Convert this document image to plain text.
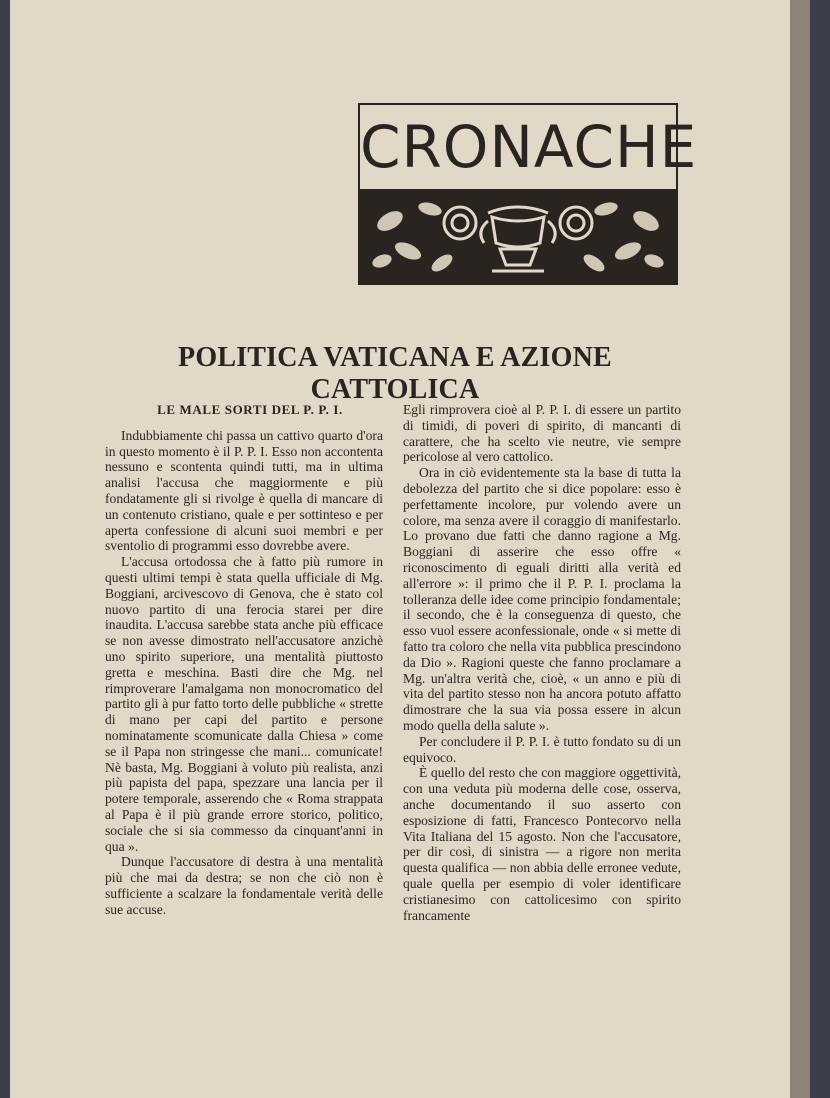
CRONACHE
POLITICA VATICANA E AZIONE CATTOLICA
LE MALE SORTI DEL P. P. I.

Indubbiamente chi passa un cattivo quarto d'ora in questo momento è il P. P. I. Esso non accontenta nessuno e scontenta quindi tutti, ma in ultima analisi l'accusa che maggiormente e più fondatamente gli si rivolge è quella di mancare di un contenuto cristiano, quale e per sottinteso e per aperta confessione di alcuni suoi membri e per sventolio di programmi esso dovrebbe avere.

L'accusa ortodossa che à fatto più rumore in questi ultimi tempi è stata quella ufficiale di Mg. Boggiani, arcivescovo di Genova, che è stato col nuovo partito di una ferocia starei per dire inaudita. L'accusa sarebbe stata anche più efficace se non avesse dimostrato nell'accusatore anzichè uno spirito superiore, una mentalità piuttosto gretta e meschina. Basti dire che Mg. nel rimproverare l'amalgama non monocromatico del partito gli à pur fatto torto delle pubbliche « strette di mano per capi del partito e persone nominatamente scomunicate dalla Chiesa » come se il Papa non stringesse che mani... comunicate! Nè basta, Mg. Boggiani à voluto più realista, anzi più papista del papa, spezzare una lancia per il potere temporale, asserendo che « Roma strappata al Papa è il più grande errore storico, politico, sociale che si sia commesso da cinquant'anni in qua ».

Dunque l'accusatore di destra à una mentalità più che mai da destra; se non che ciò non è sufficiente a scalzare la fondamentale verità delle sue accuse.

Egli rimprovera cioè al P. P. I. di essere un partito di timidi, di poveri di spirito, di mancanti di carattere, che ha scelto vie neutre, vie sempre pericolose al vero cattolico.

Ora in ciò evidentemente sta la base di tutta la debolezza del partito che si dice popolare: esso è perfettamente incolore, pur volendo avere un colore, ma senza avere il coraggio di manifestarlo. Lo provano due fatti che danno ragione a Mg. Boggiani di asserire che esso offre « riconoscimento di eguali diritti alla verità ed all'errore »: il primo che il P. P. I. proclama la tolleranza delle idee come principio fondamentale; il secondo, che è la conseguenza di questo, che esso vuol essere aconfessionale, onde « si mette di fatto tra coloro che nella vita pubblica prescindono da Dio ». Ragioni queste che fanno proclamare a Mg. un'altra verità che, cioè, « un anno e più di vita del partito stesso non ha ancora potuto affatto dimostrare che la sua via possa essere in alcun modo quella della salute ».

Per concludere il P. P. I. è tutto fondato su di un equivoco.

È quello del resto che con maggiore oggettività, con una veduta più moderna delle cose, osserva, anche documentando il suo asserto con esposizione di fatti, Francesco Pontecorvo nella Vita Italiana del 15 agosto. Non che l'accusatore, per dir così, di sinistra — a rigore non merita questa qualifica — non abbia delle erronee vedute, quale quella per esempio di voler identificare cristianesimo con cattolicesimo con spirito francamente
